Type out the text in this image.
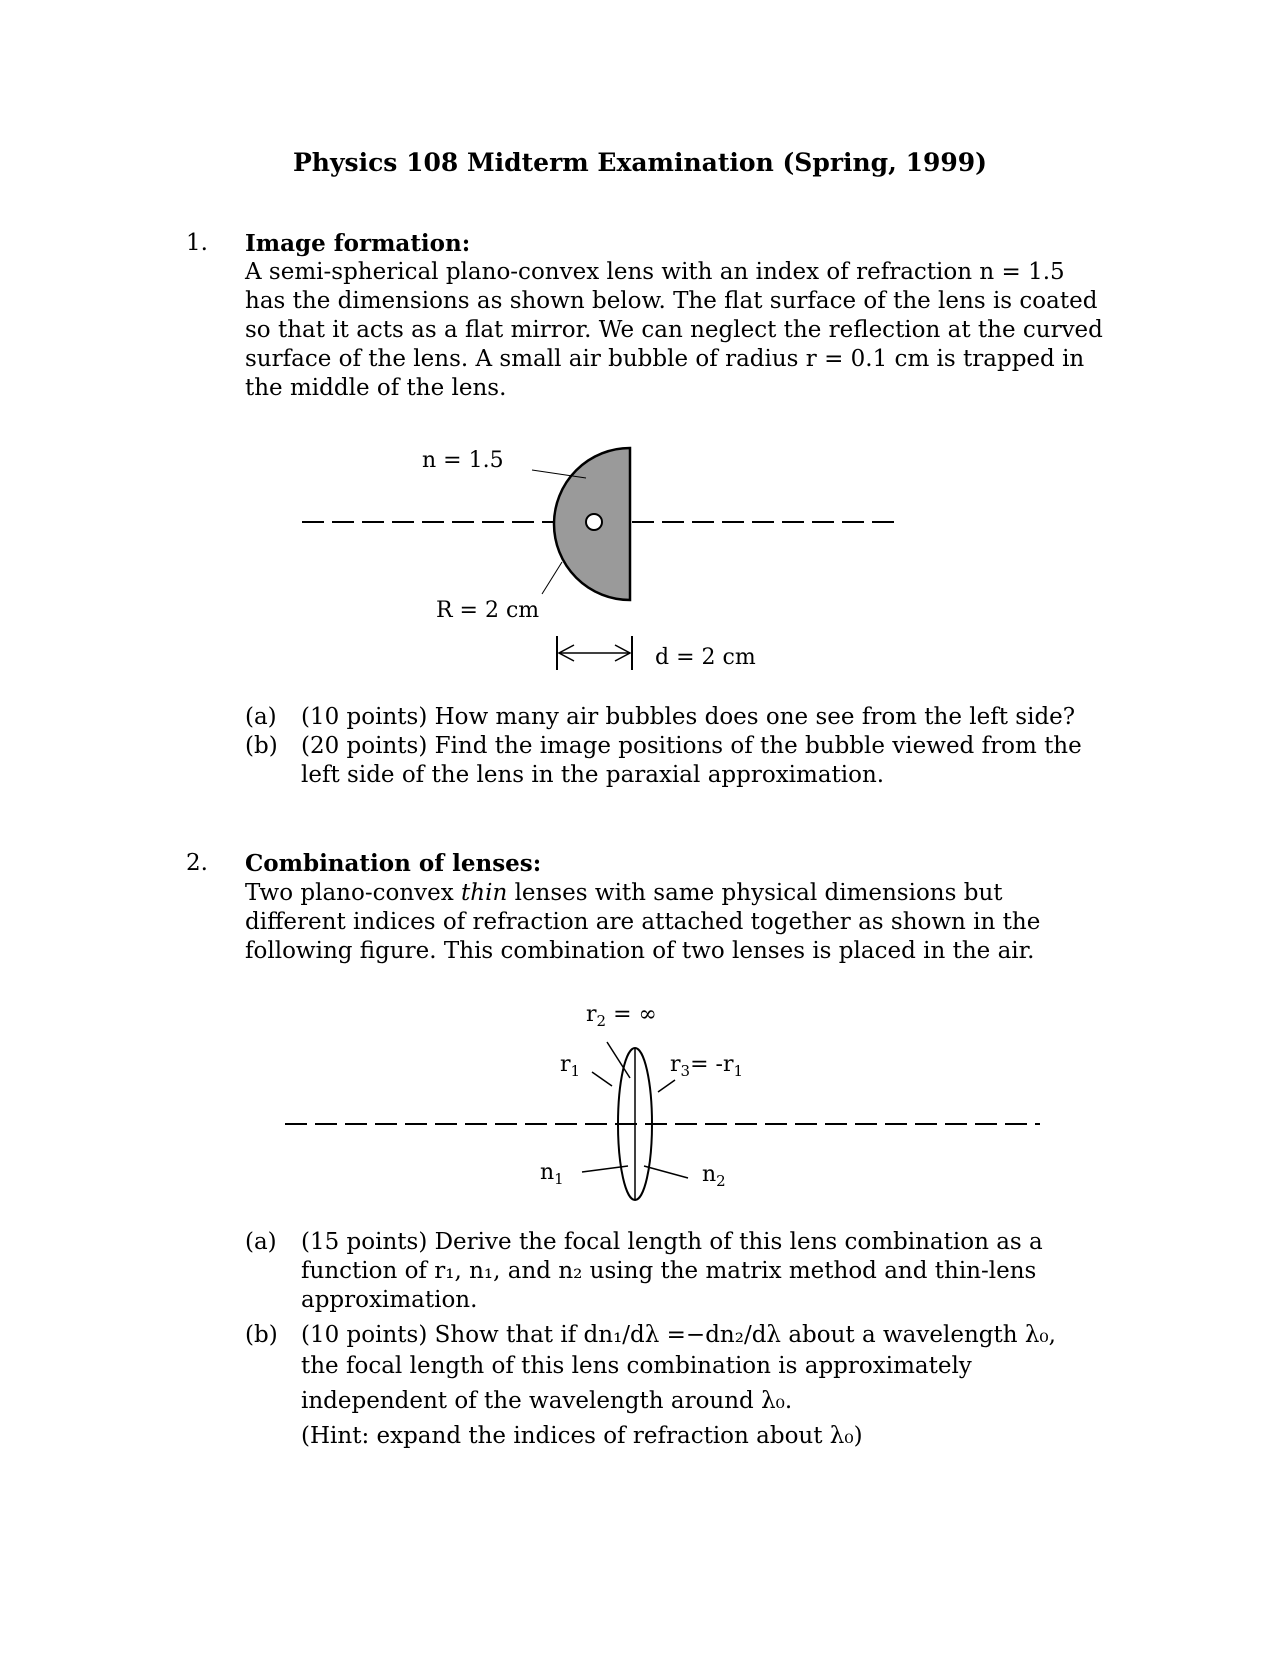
Physics 108 Midterm Examination (Spring, 1999)
1. Image formation:
A semi-spherical plano-convex lens with an index of refraction n = 1.5
has the dimensions as shown below. The flat surface of the lens is coated
so that it acts as a flat mirror. We can neglect the reflection at the curved
surface of the lens. A small air bubble of radius r = 0.1 cm is trapped in
the middle of the lens.
n = 1.5
R = 2 cm
d = 2 cm
(a) (10 points) How many air bubbles does one see from the left side?
(b) (20 points) Find the image positions of the bubble viewed from the
left side of the lens in the paraxial approximation.
2. Combination of lenses:
Two plano-convex thin lenses with same physical dimensions but
different indices of refraction are attached together as shown in the
following figure. This combination of two lenses is placed in the air.
$r_2$ = ∞
$r_1$	$r_3= -r_1$
$n_1$	$n_2$
(a) (15 points) Derive the focal length of this lens combination as a
function of r₁, n₁, and n₂ using the matrix method and thin-lens
approximation.
(b) (10 points) Show that if dn₁/dλ =−dn₂/dλ about a wavelength λ₀,
the focal length of this lens combination is approximately
independent of the wavelength around λ₀.
(Hint: expand the indices of refraction about λ₀)
